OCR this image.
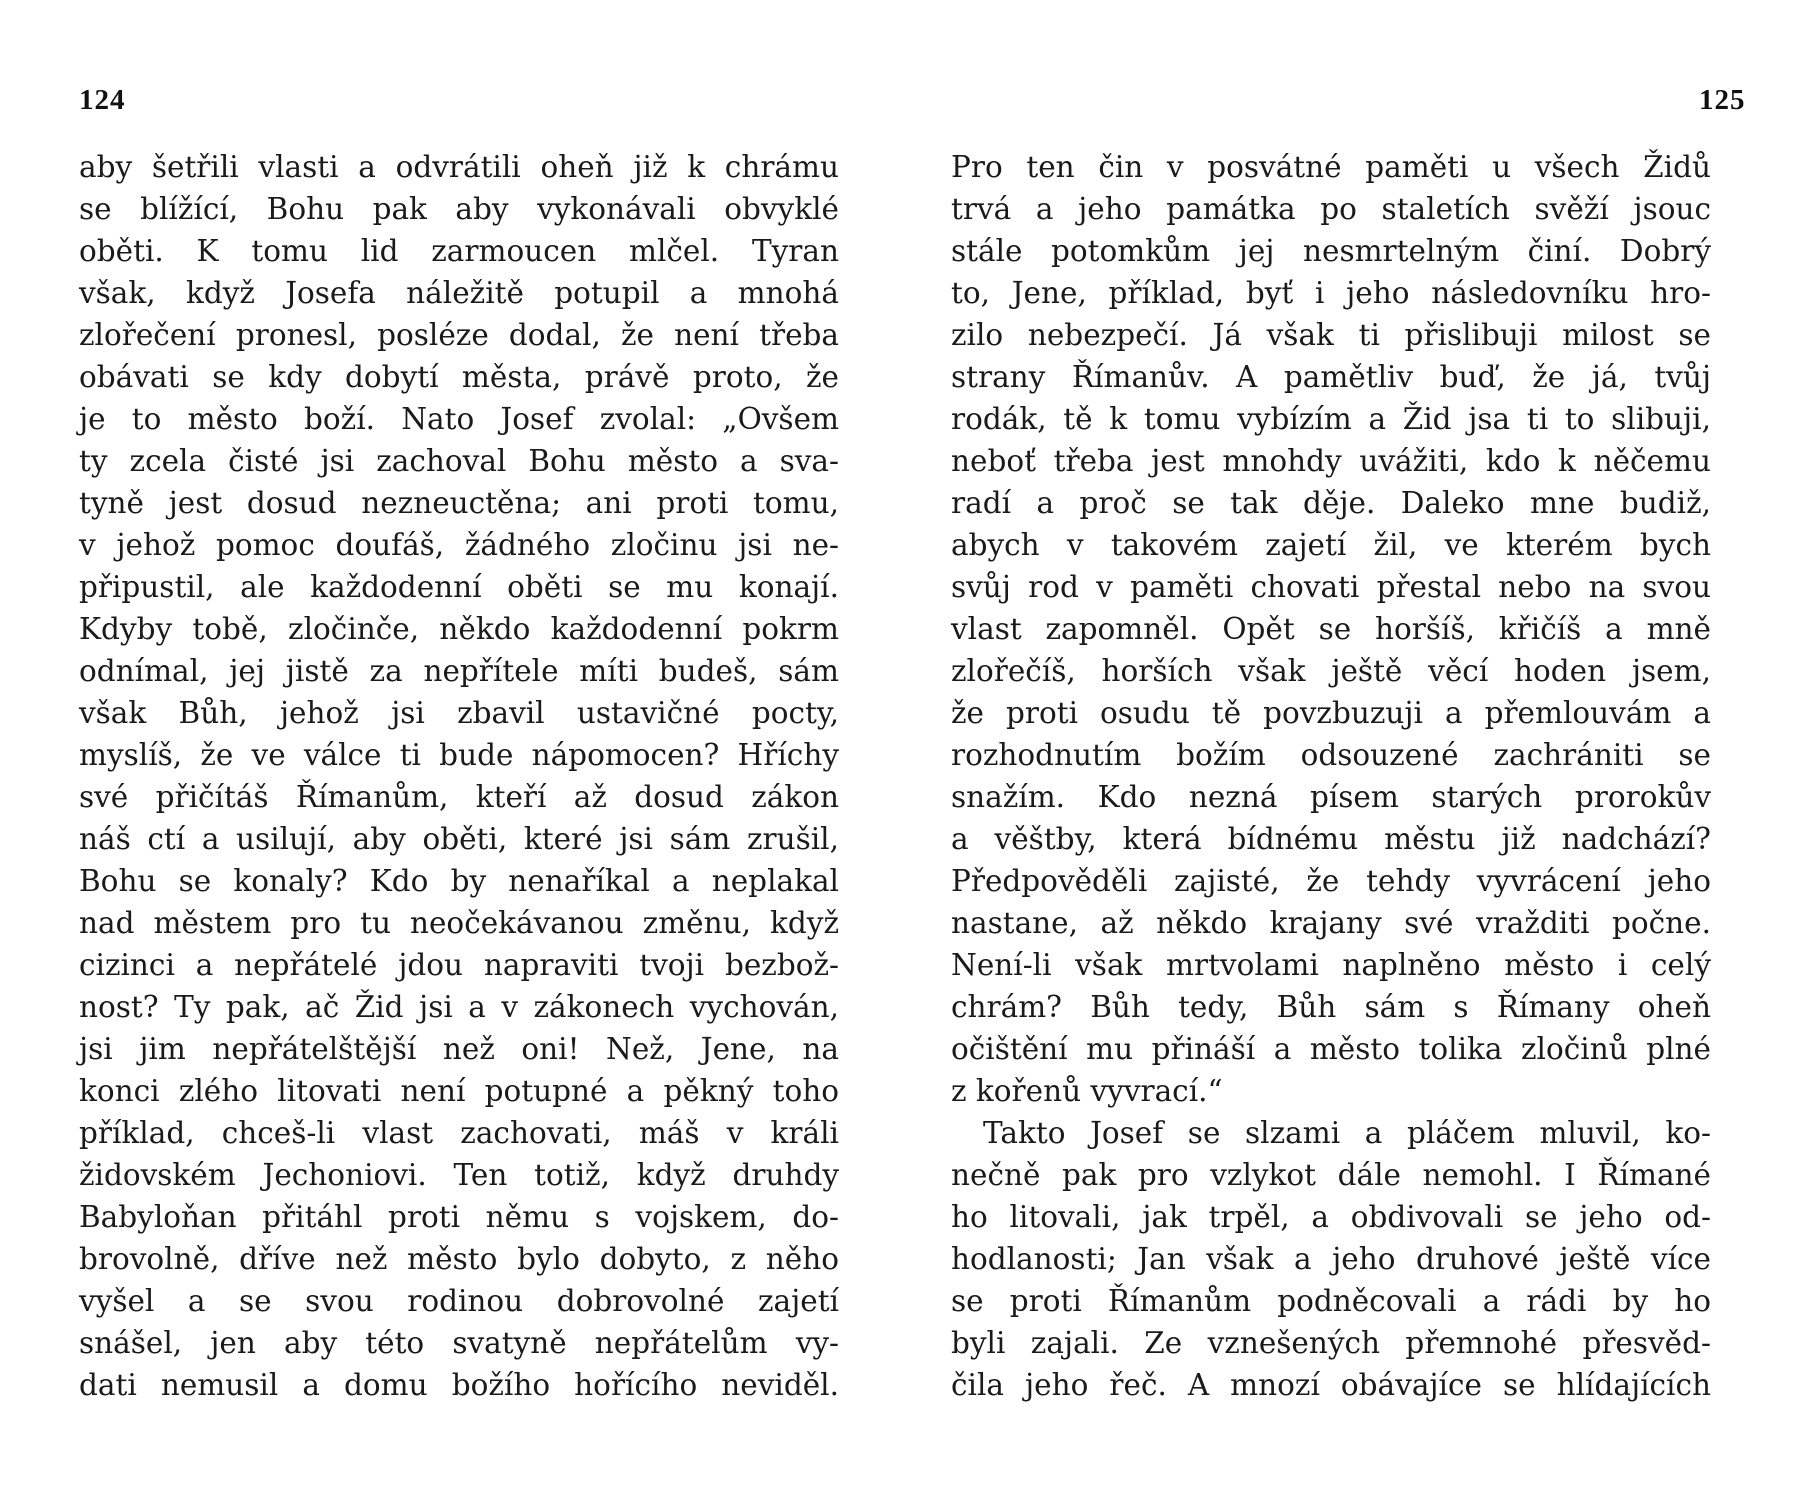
124
aby šetřili vlasti a odvrátili oheň již k chrámu
se blížící, Bohu pak aby vykonávali obvyklé
oběti. K tomu lid zarmoucen mlčel. Tyran
však, když Josefa náležitě potupil a mnohá
zlořečení pronesl, posléze dodal, že není třeba
obávati se kdy dobytí města, právě proto, že
je to město boží. Nato Josef zvolal: „Ovšem
ty zcela čisté jsi zachoval Bohu město a sva-
tyně jest dosud nezneuctěna; ani proti tomu,
v jehož pomoc doufáš, žádného zločinu jsi ne-
připustil, ale každodenní oběti se mu konají.
Kdyby tobě, zločinče, někdo každodenní pokrm
odnímal, jej jistě za nepřítele míti budeš, sám
však Bůh, jehož jsi zbavil ustavičné pocty,
myslíš, že ve válce ti bude nápomocen? Hříchy
své přičítáš Římanům, kteří až dosud zákon
náš ctí a usilují, aby oběti, které jsi sám zrušil,
Bohu se konaly? Kdo by nenaříkal a neplakal
nad městem pro tu neočekávanou změnu, když
cizinci a nepřátelé jdou napraviti tvoji bezbož-
nost? Ty pak, ač Žid jsi a v zákonech vychován,
jsi jim nepřátelštější než oni! Než, Jene, na
konci zlého litovati není potupné a pěkný toho
příklad, chceš-li vlast zachovati, máš v králi
židovském Jechoniovi. Ten totiž, když druhdy
Babyloňan přitáhl proti němu s vojskem, do-
brovolně, dříve než město bylo dobyto, z něho
vyšel a se svou rodinou dobrovolné zajetí
snášel, jen aby této svatyně nepřátelům vy-
dati nemusil a domu božího hořícího neviděl.
125
Pro ten čin v posvátné paměti u všech Židů
trvá a jeho památka po staletích svěží jsouc
stále potomkům jej nesmrtelným činí. Dobrý
to, Jene, příklad, byť i jeho následovníku hro-
zilo nebezpečí. Já však ti přislibuji milost se
strany Římanův. A pamětliv buď, že já, tvůj
rodák, tě k tomu vybízím a Žid jsa ti to slibuji,
neboť třeba jest mnohdy uvážiti, kdo k něčemu
radí a proč se tak děje. Daleko mne budiž,
abych v takovém zajetí žil, ve kterém bych
svůj rod v paměti chovati přestal nebo na svou
vlast zapomněl. Opět se horšíš, křičíš a mně
zlořečíš, horších však ještě věcí hoden jsem,
že proti osudu tě povzbuzuji a přemlouvám a
rozhodnutím božím odsouzené zachrániti se
snažím. Kdo nezná písem starých prorokův
a věštby, která bídnému městu již nadchází?
Předpověděli zajisté, že tehdy vyvrácení jeho
nastane, až někdo krajany své vražditi počne.
Není-li však mrtvolami naplněno město i celý
chrám? Bůh tedy, Bůh sám s Římany oheň
očištění mu přináší a město tolika zločinů plné
z kořenů vyvrací.“
Takto Josef se slzami a pláčem mluvil, ko-
nečně pak pro vzlykot dále nemohl. I Římané
ho litovali, jak trpěl, a obdivovali se jeho od-
hodlanosti; Jan však a jeho druhové ještě více
se proti Římanům podněcovali a rádi by ho
byli zajali. Ze vznešených přemnohé přesvěd-
čila jeho řeč. A mnozí obávajíce se hlídajících
